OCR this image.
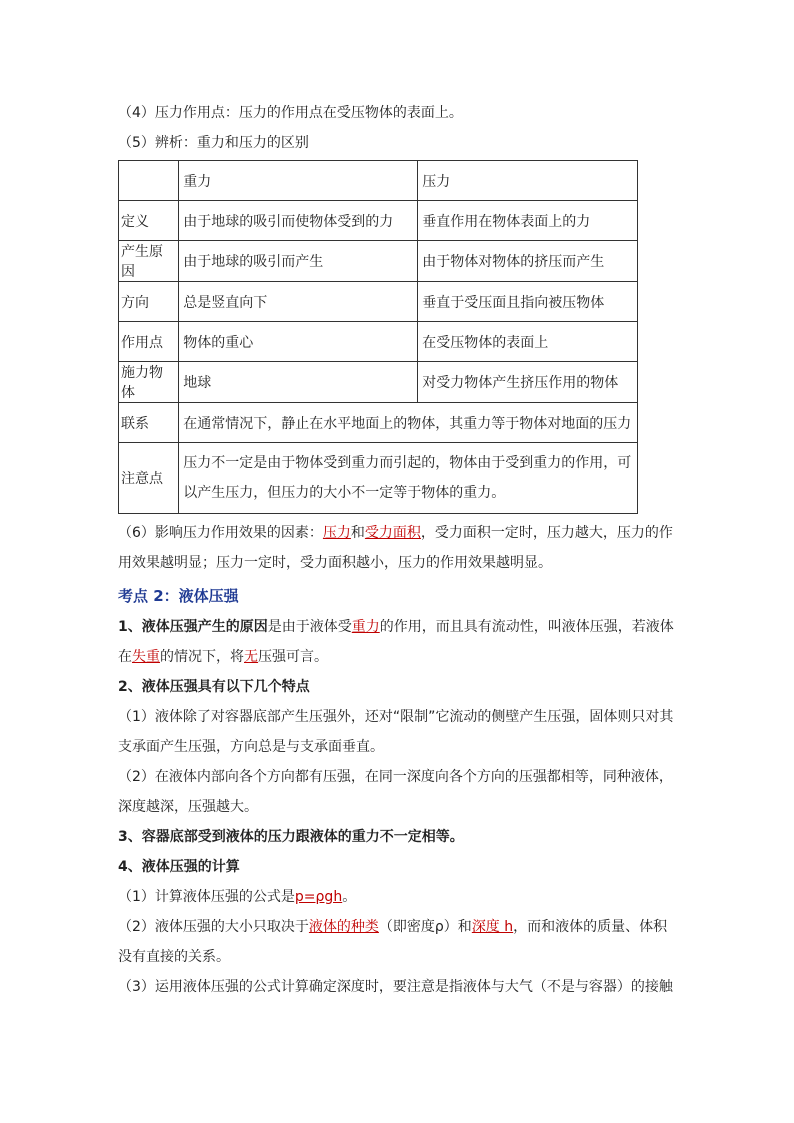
（4）压力作用点：压力的作用点在受压物体的表面上。
（5）辨析：重力和压力的区别
	重力	压力
定义	由于地球的吸引而使物体受到的力	垂直作用在物体表面上的力
产生原因	由于地球的吸引而产生	由于物体对物体的挤压而产生
方向	总是竖直向下	垂直于受压面且指向被压物体
作用点	物体的重心	在受压物体的表面上
施力物体	地球	对受力物体产生挤压作用的物体
联系	在通常情况下，静止在水平地面上的物体，其重力等于物体对地面的压力	
注意点	压力不一定是由于物体受到重力而引起的，物体由于受到重力的作用，可以产生压力，但压力的大小不一定等于物体的重力。	
（6）影响压力作用效果的因素：压力和受力面积，受力面积一定时，压力越大，压力的作用效果越明显；压力一定时，受力面积越小，压力的作用效果越明显。
考点 2：液体压强
1、液体压强产生的原因是由于液体受重力的作用，而且具有流动性，叫液体压强，若液体在失重的情况下，将无压强可言。
2、液体压强具有以下几个特点
（1）液体除了对容器底部产生压强外，还对“限制”它流动的侧壁产生压强，固体则只对其支承面产生压强，方向总是与支承面垂直。
（2）在液体内部向各个方向都有压强，在同一深度向各个方向的压强都相等，同种液体，深度越深，压强越大。
3、容器底部受到液体的压力跟液体的重力不一定相等。
4、液体压强的计算
（1）计算液体压强的公式是p=ρgh。
（2）液体压强的大小只取决于液体的种类（即密度ρ）和深度 h，而和液体的质量、体积没有直接的关系。
（3）运用液体压强的公式计算确定深度时，要注意是指液体与大气（不是与容器）的接触
